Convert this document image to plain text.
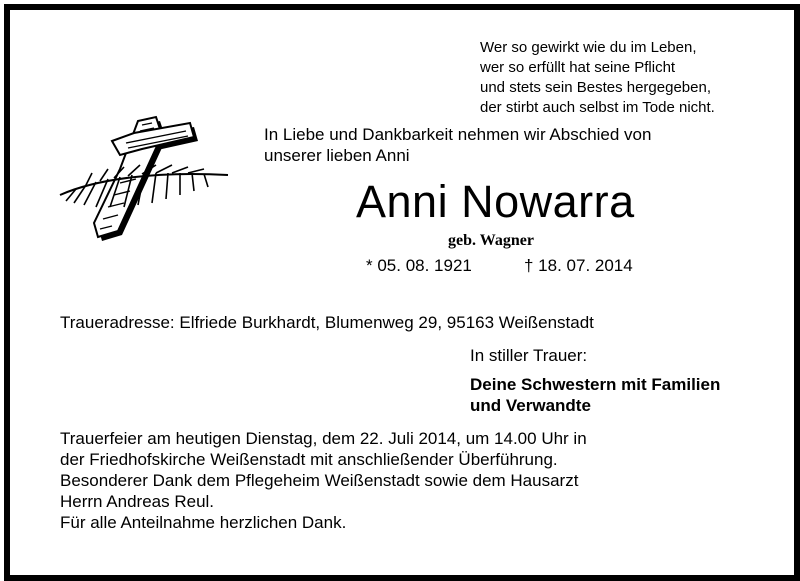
Wer so gewirkt wie du im Leben,
wer so erfüllt hat seine Pflicht
und stets sein Bestes hergegeben,
der stirbt auch selbst im Tode nicht.
In Liebe und Dankbarkeit nehmen wir Abschied von
unserer lieben Anni
Anni Nowarra
geb. Wagner
* 05. 08. 1921	† 18. 07. 2014
Traueradresse: Elfriede Burkhardt, Blumenweg 29, 95163 Weißenstadt
In stiller Trauer:
Deine Schwestern mit Familien
und Verwandte
Trauerfeier am heutigen Dienstag, dem 22. Juli 2014, um 14.00 Uhr in
der Friedhofskirche Weißenstadt mit anschließender Überführung.
Besonderer Dank dem Pflegeheim Weißenstadt sowie dem Hausarzt
Herrn Andreas Reul.
Für alle Anteilnahme herzlichen Dank.
